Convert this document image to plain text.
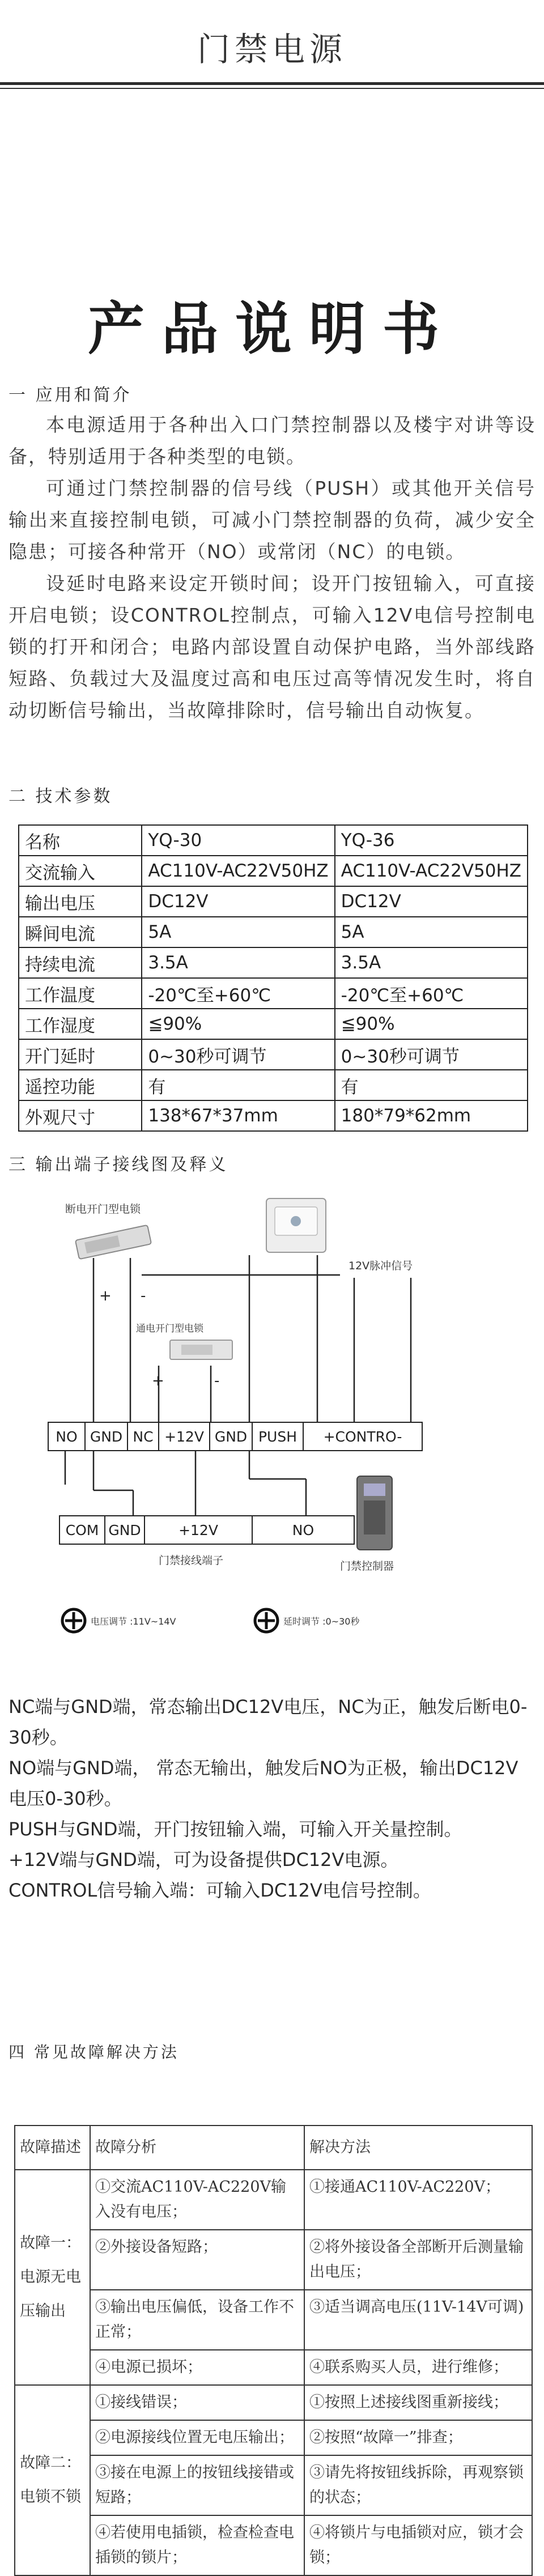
门禁电源
产品说明书
一 应用和简介
本电源适用于各种出入口门禁控制器以及楼宇对讲等设备，特别适用于各种类型的电锁。
可通过门禁控制器的信号线（PUSH）或其他开关信号输出来直接控制电锁，可减小门禁控制器的负荷，减少安全隐患；可接各种常开（NO）或常闭（NC）的电锁。
设延时电路来设定开锁时间；设开门按钮输入，可直接开启电锁；设CONTROL控制点，可输入12V电信号控制电锁的打开和闭合；电路内部设置自动保护电路，当外部线路短路、负载过大及温度过高和电压过高等情况发生时，将自动切断信号输出，当故障排除时，信号输出自动恢复。
二 技术参数
名称	YQ-30	YQ-36
交流输入	AC110V-AC22V50HZ	AC110V-AC22V50HZ
输出电压	DC12V	DC12V
瞬间电流	5A	5A
持续电流	3.5A	3.5A
工作温度	-20℃至+60℃	-20℃至+60℃
工作湿度	≦90%	≦90%
开门延时	0~30秒可调节	0~30秒可调节
遥控功能	有	有
外观尺寸	138*67*37mm	180*79*62mm
三 输出端子接线图及释义
断电开门型电锁
12V脉冲信号
通电开门型电锁
+ -
+	-
NO GND NC +12V GND PUSH +CONTRO-
COM GND	+12V	NO
门禁接线端子	门禁控制器
电压调节 :11V~14V	延时调节 :0~30秒
NC端与GND端，常态输出DC12V电压，NC为正，触发后断电0-30秒。
NO端与GND端， 常态无输出，触发后NO为正极，输出DC12V电压0-30秒。
PUSH与GND端，开门按钮输入端，可输入开关量控制。
+12V端与GND端，可为设备提供DC12V电源。
CONTROL信号输入端：可输入DC12V电信号控制。
四 常见故障解决方法
故障描述	故障分析	解决方法
故障一：电源无电压输出	①交流AC110V-AC220V输入没有电压；	①接通AC110V-AC220V；
	②外接设备短路；	②将外接设备全部断开后测量输出电压；
	③输出电压偏低，设备工作不正常；	③适当调高电压(11V-14V可调)
	④电源已损坏；	④联系购买人员，进行维修；
故障二：电锁不锁	①接线错误；	①按照上述接线图重新接线；
	②电源接线位置无电压输出；	②按照“故障一”排查；
	③接在电源上的按钮线接错或短路；	③请先将按钮线拆除，再观察锁的状态；
	④若使用电插锁，检查检查电插锁的锁片；	④将锁片与电插锁对应，锁才会锁；
